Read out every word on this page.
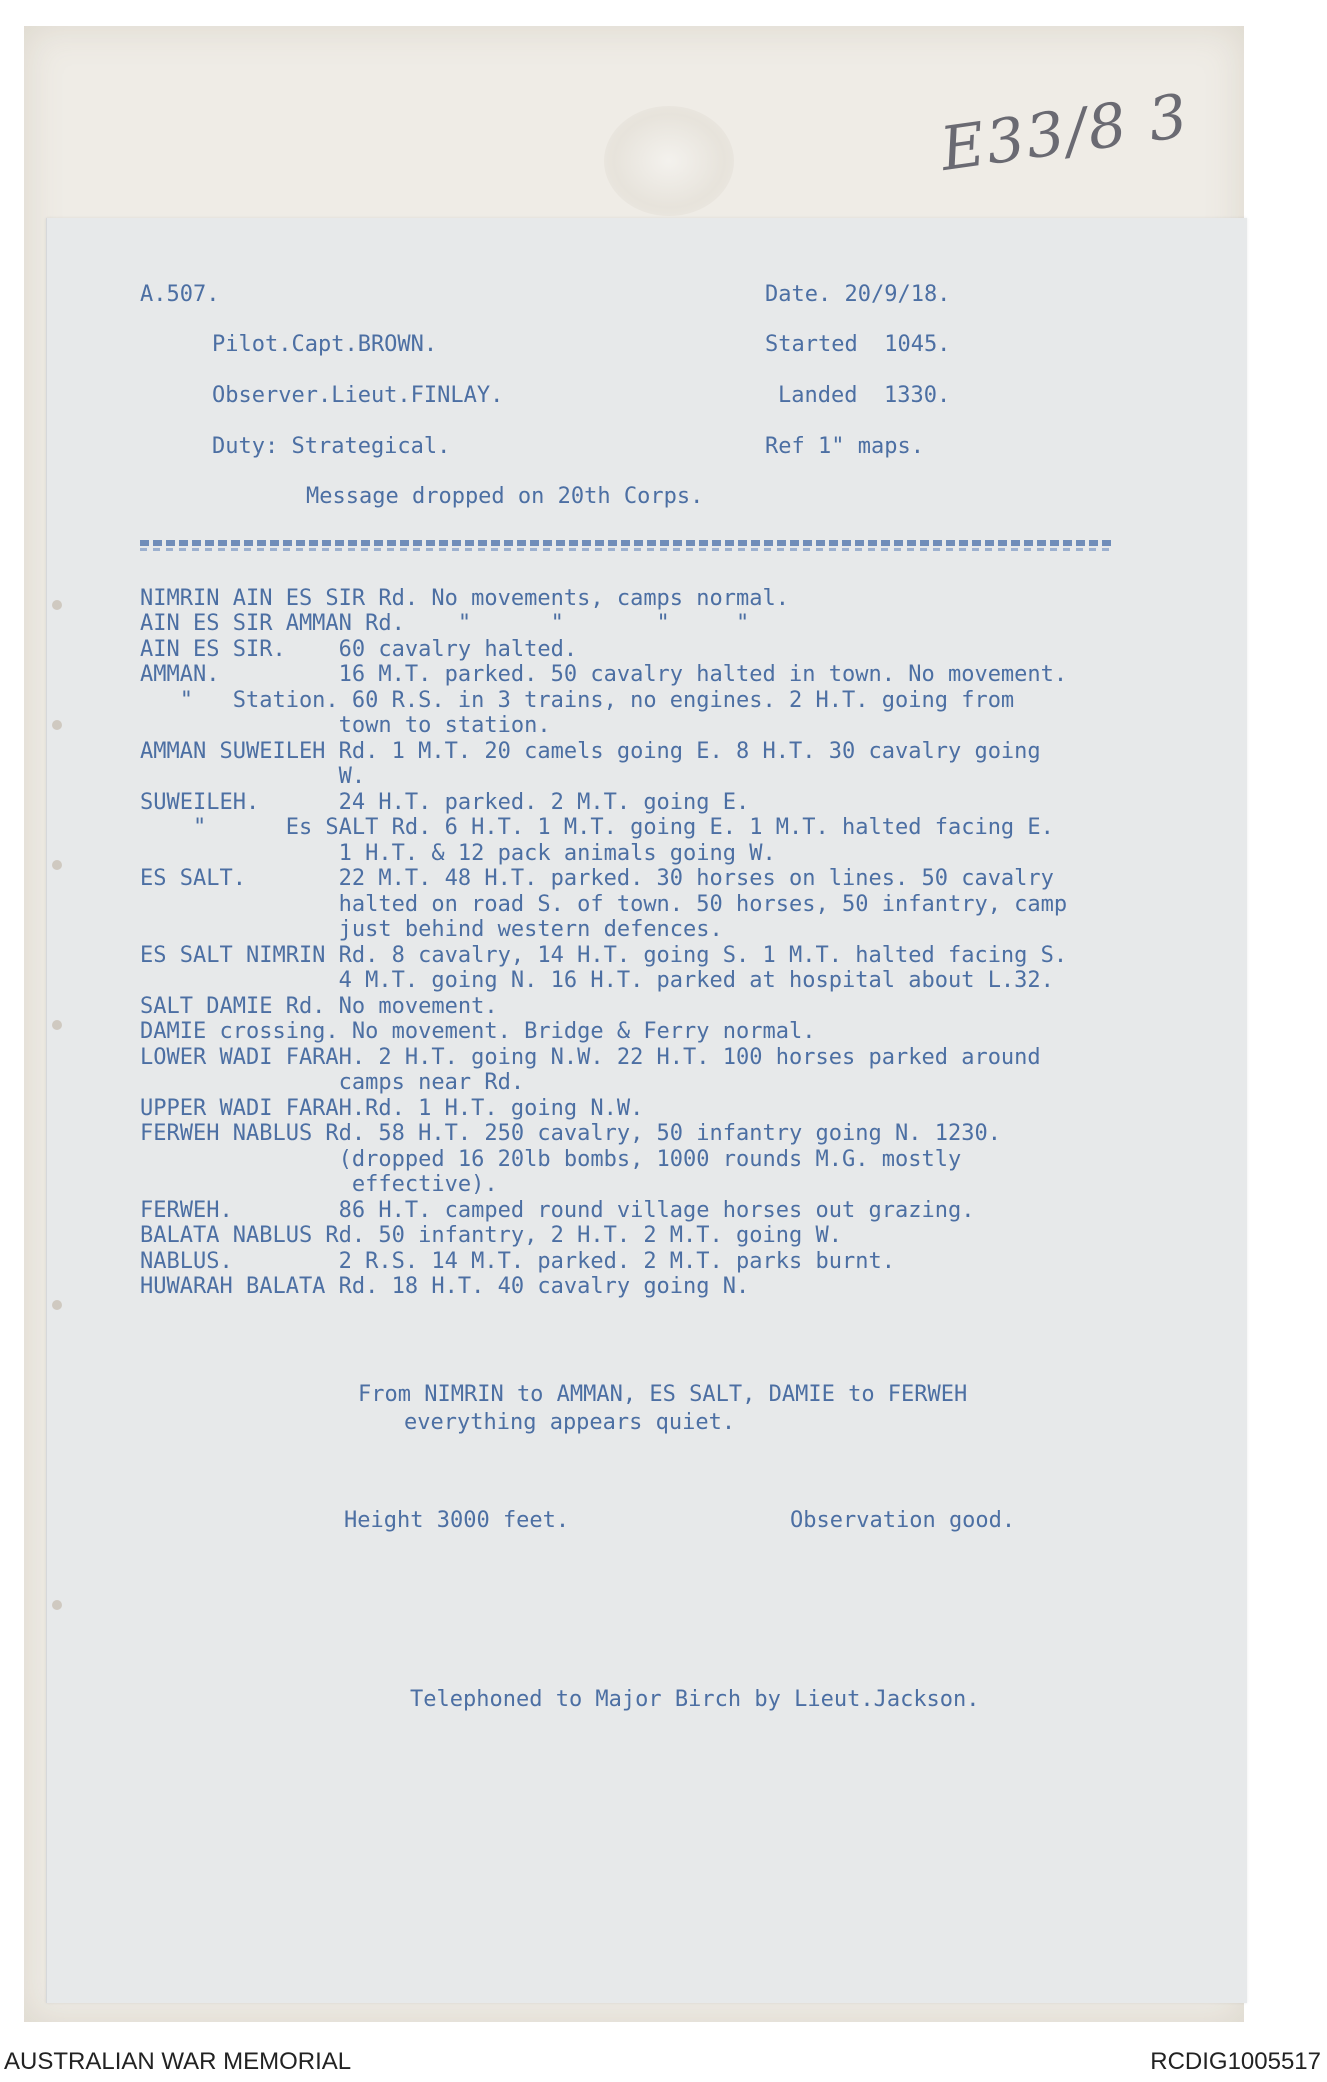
E33/8 3
A.507.	Date. 20/9/18.
Pilot.Capt.BROWN.	Started  1045.
Observer.Lieut.FINLAY.	Landed  1330.
Duty: Strategical.	Ref 1" maps.
Message dropped on 20th Corps.
NIMRIN AIN ES SIR Rd. No movements, camps normal.
AIN ES SIR AMMAN Rd.    "      "       "     "
AIN ES SIR.    60 cavalry halted.
AMMAN.         16 M.T. parked. 50 cavalry halted in town. No movement.
"   Station. 60 R.S. in 3 trains, no engines. 2 H.T. going from
town to station.
AMMAN SUWEILEH Rd. 1 M.T. 20 camels going E. 8 H.T. 30 cavalry going
W.
SUWEILEH.      24 H.T. parked. 2 M.T. going E.
"      Es SALT Rd. 6 H.T. 1 M.T. going E. 1 M.T. halted facing E.
1 H.T. & 12 pack animals going W.
ES SALT.       22 M.T. 48 H.T. parked. 30 horses on lines. 50 cavalry
halted on road S. of town. 50 horses, 50 infantry, camp
just behind western defences.
ES SALT NIMRIN Rd. 8 cavalry, 14 H.T. going S. 1 M.T. halted facing S.
4 M.T. going N. 16 H.T. parked at hospital about L.32.
SALT DAMIE Rd. No movement.
DAMIE crossing. No movement. Bridge & Ferry normal.
LOWER WADI FARAH. 2 H.T. going N.W. 22 H.T. 100 horses parked around
camps near Rd.
UPPER WADI FARAH.Rd. 1 H.T. going N.W.
FERWEH NABLUS Rd. 58 H.T. 250 cavalry, 50 infantry going N. 1230.
(dropped 16 20lb bombs, 1000 rounds M.G. mostly
effective).
FERWEH.        86 H.T. camped round village horses out grazing.
BALATA NABLUS Rd. 50 infantry, 2 H.T. 2 M.T. going W.
NABLUS.        2 R.S. 14 M.T. parked. 2 M.T. parks burnt.
HUWARAH BALATA Rd. 18 H.T. 40 cavalry going N.
From NIMRIN to AMMAN, ES SALT, DAMIE to FERWEH
everything appears quiet.
Height 3000 feet.	Observation good.
Telephoned to Major Birch by Lieut.Jackson.
AUSTRALIAN WAR MEMORIAL	RCDIG1005517
